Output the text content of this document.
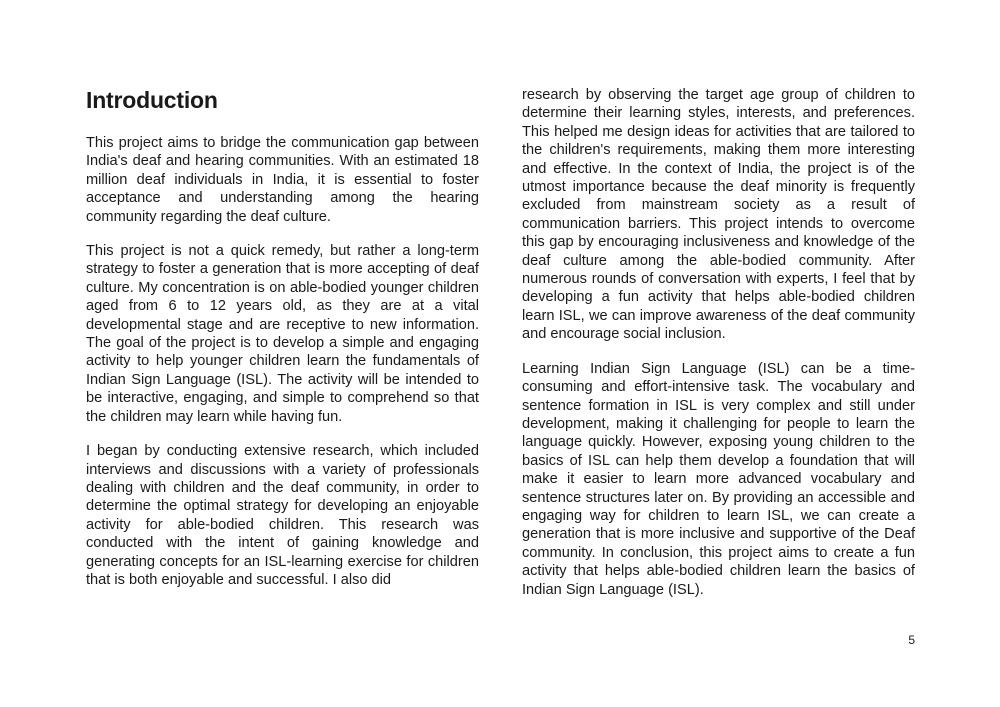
Introduction

This project aims to bridge the communication gap between India's deaf and hearing communities. With an estimated 18 million deaf individuals in India, it is essential to foster acceptance and understanding among the hearing community regarding the deaf culture.

This project is not a quick remedy, but rather a long-term strategy to foster a generation that is more accepting of deaf culture. My concentration is on able-bodied younger children aged from 6 to 12 years old, as they are at a vital developmental stage and are receptive to new information. The goal of the project is to develop a simple and engaging activity to help younger children learn the fundamentals of Indian Sign Language (ISL). The activity will be intended to be interactive, engaging, and simple to comprehend so that the children may learn while having fun.

I began by conducting extensive research, which included interviews and discussions with a variety of professionals dealing with children and the deaf community, in order to determine the optimal strategy for developing an enjoyable activity for able-bodied children. This research was conducted with the intent of gaining knowledge and generating concepts for an ISL-learning exercise for children that is both enjoyable and successful. I also did

research by observing the target age group of children to determine their learning styles, interests, and preferences. This helped me design ideas for activities that are tailored to the children's requirements, making them more interesting and effective. In the context of India, the project is of the utmost importance because the deaf minority is frequently excluded from mainstream society as a result of communication barriers. This project intends to overcome this gap by encouraging inclusiveness and knowledge of the deaf culture among the able-bodied community. After numerous rounds of conversation with experts, I feel that by developing a fun activity that helps able-bodied children learn ISL, we can improve awareness of the deaf community and encourage social inclusion.

Learning Indian Sign Language (ISL) can be a time-consuming and effort-intensive task. The vocabulary and sentence formation in ISL is very complex and still under development, making it challenging for people to learn the language quickly. However, exposing young children to the basics of ISL can help them develop a foundation that will make it easier to learn more advanced vocabulary and sentence structures later on. By providing an accessible and engaging way for children to learn ISL, we can create a generation that is more inclusive and supportive of the Deaf community. In conclusion, this project aims to create a fun activity that helps able-bodied children learn the basics of Indian Sign Language (ISL).

5
